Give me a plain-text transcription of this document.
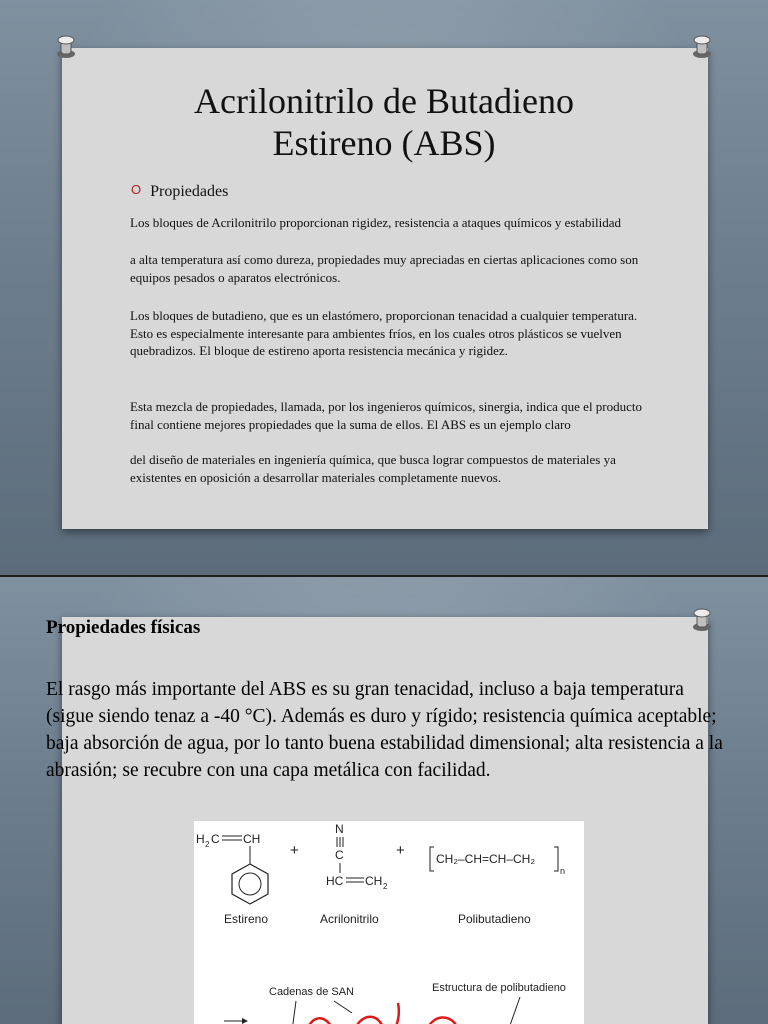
Acrilonitrilo de Butadieno
Estireno (ABS)
O Propiedades
Los bloques de Acrilonitrilo proporcionan rigidez, resistencia a ataques químicos y estabilidad
a alta temperatura así como dureza, propiedades muy apreciadas en ciertas aplicaciones como son equipos pesados o aparatos electrónicos.
Los bloques de butadieno, que es un elastómero, proporcionan tenacidad a cualquier temperatura. Esto es especialmente interesante para ambientes fríos, en los cuales otros plásticos se vuelven quebradizos. El bloque de estireno aporta resistencia mecánica y rigidez.
Esta mezcla de propiedades, llamada, por los ingenieros químicos, sinergia, indica que el producto final contiene mejores propiedades que la suma de ellos. El ABS es un ejemplo claro
del diseño de materiales en ingeniería química, que busca lograr compuestos de materiales ya existentes en oposición a desarrollar materiales completamente nuevos.
Propiedades físicas
El rasgo más importante del ABS es su gran tenacidad, incluso a baja temperatura (sigue siendo tenaz a -40 °C). Además es duro y rígido; resistencia química aceptable; baja absorción de agua, por lo tanto buena estabilidad dimensional; alta resistencia a la abrasión; se recubre con una capa metálica con facilidad.
H 2 C CH
Estireno
+
N
C
HC CH 2
Acrilonitrilo
+	CH₂–CH=CH–CH₂
n
Polibutadieno
Cadenas de SAN	Estructura de polibutadieno
